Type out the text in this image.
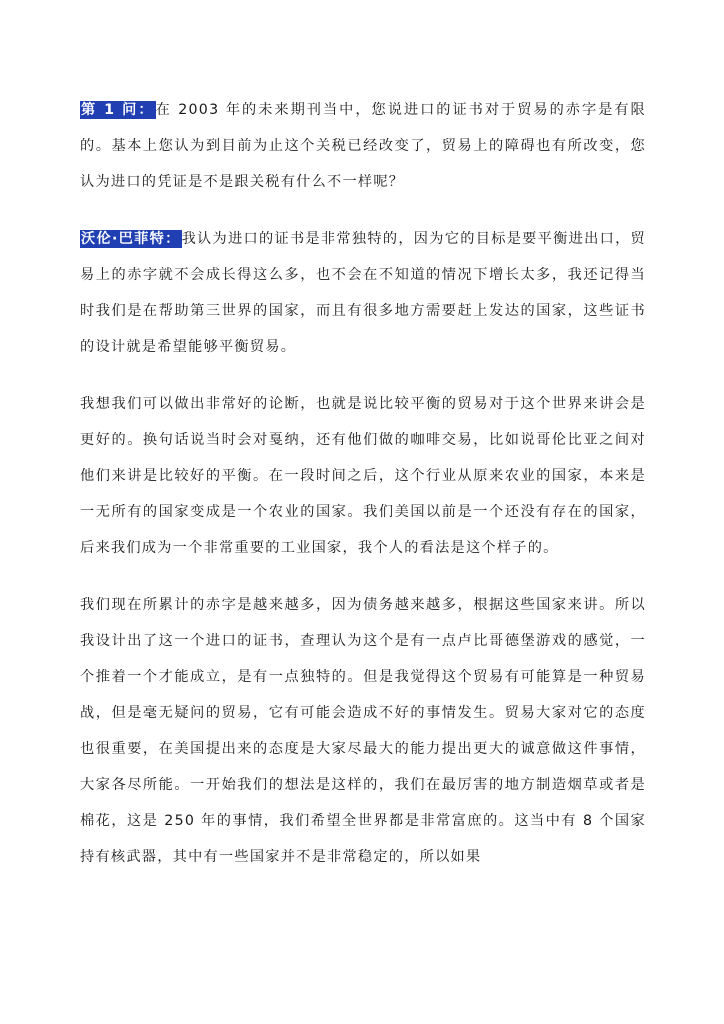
第 1 问：在 2003 年的未来期刊当中，您说进口的证书对于贸易的赤字是有限的。基本上您认为到目前为止这个关税已经改变了，贸易上的障碍也有所改变，您认为进口的凭证是不是跟关税有什么不一样呢？

沃伦·巴菲特：我认为进口的证书是非常独特的，因为它的目标是要平衡进出口，贸易上的赤字就不会成长得这么多，也不会在不知道的情况下增长太多，我还记得当时我们是在帮助第三世界的国家，而且有很多地方需要赶上发达的国家，这些证书的设计就是希望能够平衡贸易。

我想我们可以做出非常好的论断，也就是说比较平衡的贸易对于这个世界来讲会是更好的。换句话说当时会对戛纳，还有他们做的咖啡交易，比如说哥伦比亚之间对他们来讲是比较好的平衡。在一段时间之后，这个行业从原来农业的国家，本来是一无所有的国家变成是一个农业的国家。我们美国以前是一个还没有存在的国家，后来我们成为一个非常重要的工业国家，我个人的看法是这个样子的。

我们现在所累计的赤字是越来越多，因为债务越来越多，根据这些国家来讲。所以我设计出了这一个进口的证书，查理认为这个是有一点卢比哥德堡游戏的感觉，一个推着一个才能成立，是有一点独特的。但是我觉得这个贸易有可能算是一种贸易战，但是毫无疑问的贸易，它有可能会造成不好的事情发生。贸易大家对它的态度也很重要，在美国提出来的态度是大家尽最大的能力提出更大的诚意做这件事情，大家各尽所能。一开始我们的想法是这样的，我们在最厉害的地方制造烟草或者是棉花，这是 250 年的事情，我们希望全世界都是非常富庶的。这当中有 8 个国家持有核武器，其中有一些国家并不是非常稳定的，所以如果
